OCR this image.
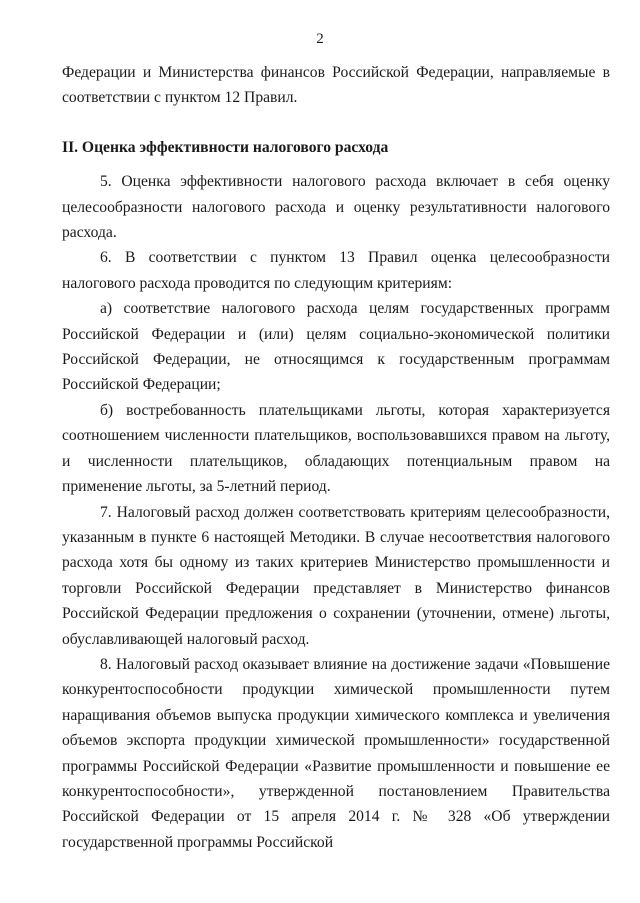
2

Федерации и Министерства финансов Российской Федерации, направляемые в соответствии с пунктом 12 Правил.

II. Оценка эффективности налогового расхода

5. Оценка эффективности налогового расхода включает в себя оценку целесообразности налогового расхода и оценку результативности налогового расхода.

6. В соответствии с пунктом 13 Правил оценка целесообразности налогового расхода проводится по следующим критериям:

а) соответствие налогового расхода целям государственных программ Российской Федерации и (или) целям социально-экономической политики Российской Федерации, не относящимся к государственным программам Российской Федерации;

б) востребованность плательщиками льготы, которая характеризуется соотношением численности плательщиков, воспользовавшихся правом на льготу, и численности плательщиков, обладающих потенциальным правом на применение льготы, за 5-летний период.

7. Налоговый расход должен соответствовать критериям целесообразности, указанным в пункте 6 настоящей Методики. В случае несоответствия налогового расхода хотя бы одному из таких критериев Министерство промышленности и торговли Российской Федерации представляет в Министерство финансов Российской Федерации предложения о сохранении (уточнении, отмене) льготы, обуславливающей налоговый расход.

8. Налоговый расход оказывает влияние на достижение задачи «Повышение конкурентоспособности продукции химической промышленности путем наращивания объемов выпуска продукции химического комплекса и увеличения объемов экспорта продукции химической промышленности» государственной программы Российской Федерации «Развитие промышленности и повышение ее конкурентоспособности», утвержденной постановлением Правительства Российской Федерации от 15 апреля 2014 г. № 328 «Об утверждении государственной программы Российской
